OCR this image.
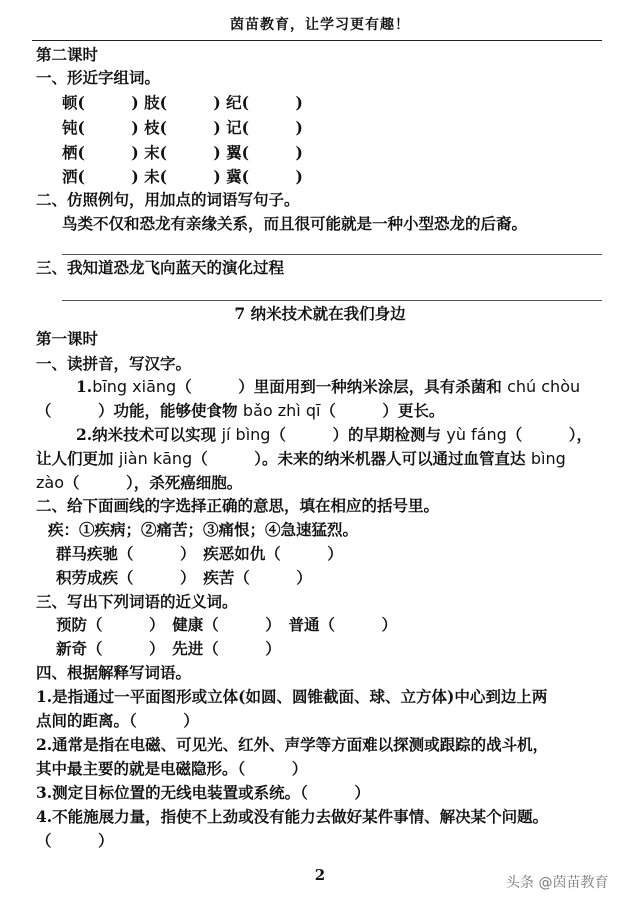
茵苗教育，让学习更有趣！
第二课时
一、形近字组词。
顿(　　　) 肢(　　　) 纪(　　　)
钝(　　　) 枝(　　　) 记(　　　)
栖(　　　) 末(　　　) 翼(　　　)
洒(　　　) 未(　　　) 冀(　　　)
二、仿照例句，用加点的词语写句子。
鸟类不仅和恐龙有亲缘关系，而且很可能就是一种小型恐龙的后裔。
三、我知道恐龙飞向蓝天的演化过程
7 纳米技术就在我们身边
第一课时
一、读拼音，写汉字。
1.bīng xiāng（　　　）里面用到一种纳米涂层，具有杀菌和 chú chòu
（　　　）功能，能够使食物 bǎo zhì qī（　　　）更长。
2.纳米技术可以实现 jí bìng（　　　）的早期检测与 yù fáng（　　　），
让人们更加 jiàn kāng（　　　）。未来的纳米机器人可以通过血管直达 bìng
zào（　　　），杀死癌细胞。
二、给下面画线的字选择正确的意思，填在相应的括号里。
疾：①疾病；②痛苦；③痛恨；④急速猛烈。
群马疾驰（　　　）　疾恶如仇（　　　）
积劳成疾（　　　）　疾苦（　　　）
三、写出下列词语的近义词。
预防（　　　）　健康（　　　）　普通（　　　）
新奇（　　　）　先进（　　　）
四、根据解释写词语。
1.是指通过一平面图形或立体(如圆、圆锥截面、球、立方体)中心到边上两
点间的距离。（　　　）
2.通常是指在电磁、可见光、红外、声学等方面难以探测或跟踪的战斗机，
其中最主要的就是电磁隐形。（　　　）
3.测定目标位置的无线电装置或系统。（　　　）
4.不能施展力量，指使不上劲或没有能力去做好某件事情、解决某个问题。
（　　　）
2	头条 @茵苗教育
